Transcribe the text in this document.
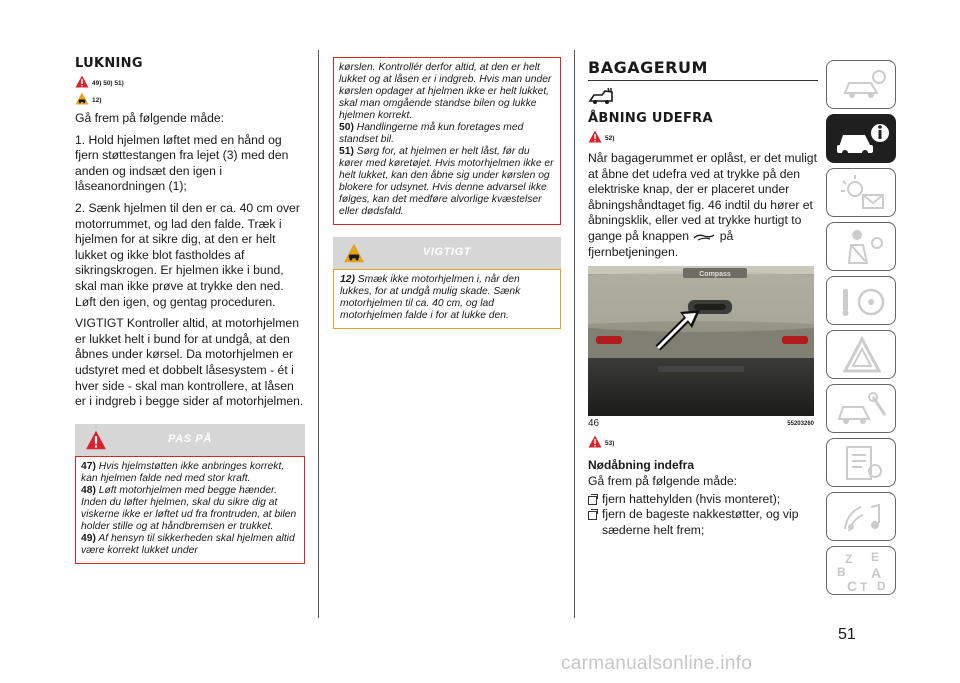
LUKNING
49) 50) 51)
12)
Gå frem på følgende måde:
1. Hold hjelmen løftet med en hånd og fjern støttestangen fra lejet (3) med den anden og indsæt den igen i låseanordningen (1);
2. Sænk hjelmen til den er ca. 40 cm over motorrummet, og lad den falde. Træk i hjelmen for at sikre dig, at den er helt lukket og ikke blot fastholdes af sikringskrogen. Er hjelmen ikke i bund, skal man ikke prøve at trykke den ned. Løft den igen, og gentag proceduren.
VIGTIGT Kontroller altid, at motorhjelmen er lukket helt i bund for at undgå, at den åbnes under kørsel. Da motorhjelmen er udstyret med et dobbelt låsesystem - ét i hver side - skal man kontrollere, at låsen er i indgreb i begge sider af motorhjelmen.
PAS PÅ
47) Hvis hjelmstøtten ikke anbringes korrekt, kan hjelmen falde ned med stor kraft.
48) Løft motorhjelmen med begge hænder. Inden du løfter hjelmen, skal du sikre dig at viskerne ikke er løftet ud fra frontruden, at bilen holder stille og at håndbremsen er trukket.
49) Af hensyn til sikkerheden skal hjelmen altid være korrekt lukket under
kørslen. Kontrollér derfor altid, at den er helt lukket og at låsen er i indgreb. Hvis man under kørslen opdager at hjelmen ikke er helt lukket, skal man omgående standse bilen og lukke hjelmen korrekt.
50) Handlingerne må kun foretages med standset bil.
51) Sørg for, at hjelmen er helt låst, før du kører med køretøjet. Hvis motorhjelmen ikke er helt lukket, kan den åbne sig under kørslen og blokere for udsynet. Hvis denne advarsel ikke følges, kan det medføre alvorlige kvæstelser eller dødsfald.
VIGTIGT
12) Smæk ikke motorhjelmen i, når den lukkes, for at undgå mulig skade. Sænk motorhjelmen til ca. 40 cm, og lad motorhjelmen falde i for at lukke den.
BAGAGERUM
ÅBNING UDEFRA
52)
Når bagagerummet er oplåst, er det muligt at åbne det udefra ved at trykke på den elektriske knap, der er placeret under åbningshåndtaget fig. 46 indtil du hører et åbningsklik, eller ved at trykke hurtigt to gange på knappen	på fjernbetjeningen.
Compass
46	55203260
53)
Nødåbning indefra
Gå frem på følgende måde:
fjern hattehylden (hvis monteret);
fjern de bageste nakkestøtter, og vip sæderne helt frem;
Z E
A
B
D
C T
51
carmanualsonline.info
